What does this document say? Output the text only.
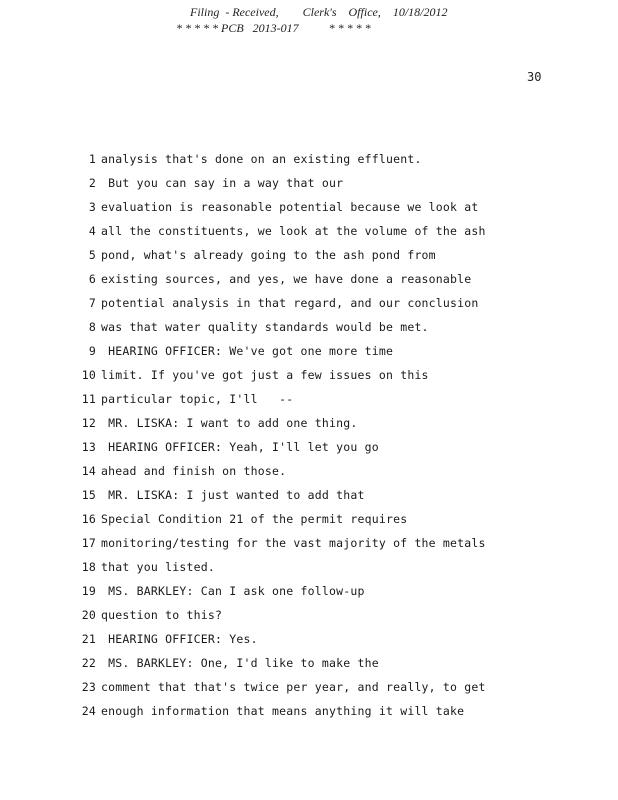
Filing  - Received,        Clerk's    Office,    10/18/2012
* * * * * PCB   2013-017          * * * * *
30
1 analysis that's done on an existing effluent.
2 But you can say in a way that our
3 evaluation is reasonable potential because we look at
4 all the constituents, we look at the volume of the ash
5 pond, what's already going to the ash pond from
6 existing sources, and yes, we have done a reasonable
7 potential analysis in that regard, and our conclusion
8 was that water quality standards would be met.
9 HEARING OFFICER: We've got one more time
10 limit. If you've got just a few issues on this
11 particular topic, I'll   --
12 MR. LISKA: I want to add one thing.
13 HEARING OFFICER: Yeah, I'll let you go
14 ahead and finish on those.
15 MR. LISKA: I just wanted to add that
16 Special Condition 21 of the permit requires
17 monitoring/testing for the vast majority of the metals
18 that you listed.
19 MS. BARKLEY: Can I ask one follow-up
20 question to this?
21 HEARING OFFICER: Yes.
22 MS. BARKLEY: One, I'd like to make the
23 comment that that's twice per year, and really, to get
24 enough information that means anything it will take
